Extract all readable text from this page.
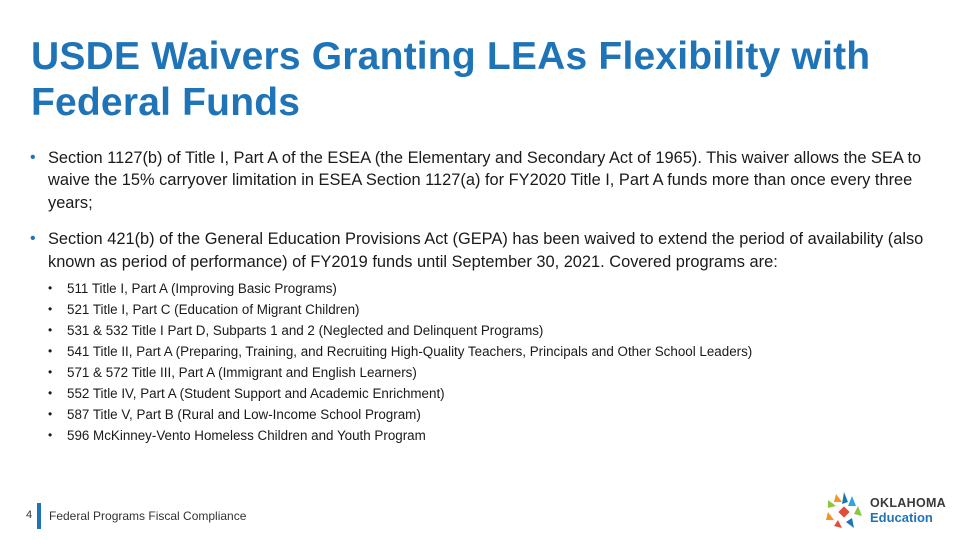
USDE Waivers Granting LEAs Flexibility with Federal Funds
• Section 1127(b) of Title I, Part A of the ESEA (the Elementary and Secondary Act of 1965). This waiver allows the SEA to waive the 15% carryover limitation in ESEA Section 1127(a) for FY2020 Title I, Part A funds more than once every three years;
• Section 421(b) of the General Education Provisions Act (GEPA) has been waived to extend the period of availability (also known as period of performance) of FY2019 funds until September 30, 2021. Covered programs are:
• 511 Title I, Part A (Improving Basic Programs)
• 521 Title I, Part C (Education of Migrant Children)
• 531 & 532 Title I Part D, Subparts 1 and 2 (Neglected and Delinquent Programs)
• 541 Title II, Part A (Preparing, Training, and Recruiting High-Quality Teachers, Principals and Other School Leaders)
• 571 & 572 Title III, Part A (Immigrant and English Learners)
• 552 Title IV, Part A (Student Support and Academic Enrichment)
• 587 Title V, Part B (Rural and Low-Income School Program)
• 596 McKinney-Vento Homeless Children and Youth Program
4 Federal Programs Fiscal Compliance
OKLAHOMA
Education
